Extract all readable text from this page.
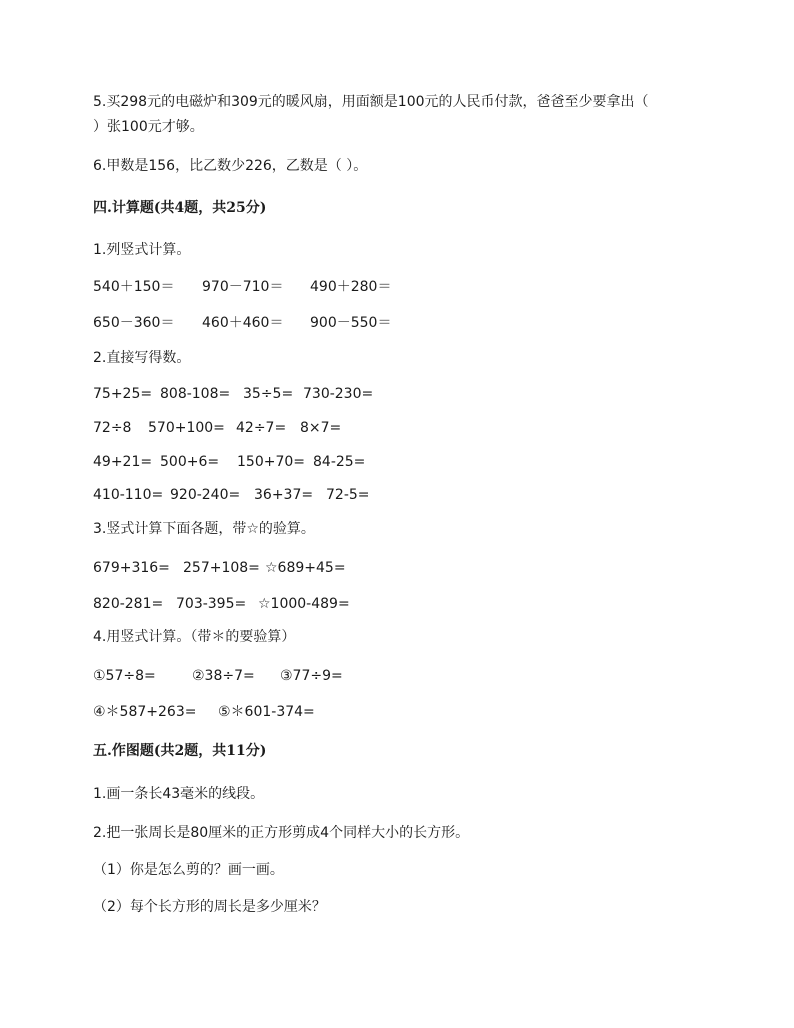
5.买298元的电磁炉和309元的暖风扇，用面额是100元的人民币付款，爸爸至少要拿出（
）张100元才够。
6.甲数是156，比乙数少226，乙数是（ ）。
四.计算题(共4题，共25分)
1.列竖式计算。
540＋150＝ 970－710＝ 490＋280＝
650－360＝ 460＋460＝ 900－550＝
2.直接写得数。
75+25= 808-108= 35÷5= 730-230=
72÷8 570+100= 42÷7= 8×7=
49+21= 500+6= 150+70= 84-25=
410-110= 920-240= 36+37= 72-5=
3.竖式计算下面各题，带☆的验算。
679+316= 257+108= ☆689+45=
820-281= 703-395= ☆1000-489=
4.用竖式计算。（带＊的要验算）
①57÷8=	②38÷7= ③77÷9=
④＊587+263= ⑤＊601-374=
五.作图题(共2题，共11分)
1.画一条长43毫米的线段。
2.把一张周长是80厘米的正方形剪成4个同样大小的长方形。
（1）你是怎么剪的？画一画。
（2）每个长方形的周长是多少厘米？
